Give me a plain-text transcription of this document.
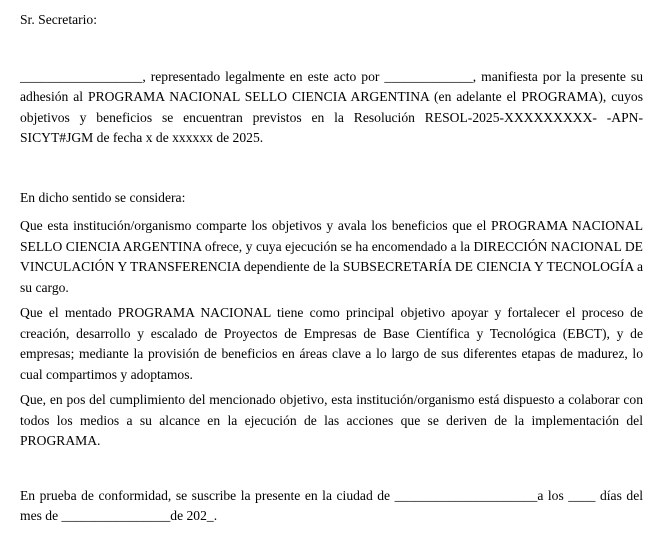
Sr. Secretario:

__________________, representado legalmente en este acto por _____________, manifiesta por la presente su adhesión al PROGRAMA NACIONAL SELLO CIENCIA ARGENTINA (en adelante el PROGRAMA), cuyos objetivos y beneficios se encuentran previstos en la Resolución RESOL-2025-XXXXXXXXX- -APN-SICYT#JGM de fecha x de xxxxxx de 2025.

En dicho sentido se considera:

Que esta institución/organismo comparte los objetivos y avala los beneficios que el PROGRAMA NACIONAL SELLO CIENCIA ARGENTINA ofrece, y cuya ejecución se ha encomendado a la DIRECCIÓN NACIONAL DE VINCULACIÓN Y TRANSFERENCIA dependiente de la SUBSECRETARÍA DE CIENCIA Y TECNOLOGÍA a su cargo.

Que el mentado PROGRAMA NACIONAL tiene como principal objetivo apoyar y fortalecer el proceso de creación, desarrollo y escalado de Proyectos de Empresas de Base Científica y Tecnológica (EBCT), y de empresas; mediante la provisión de beneficios en áreas clave a lo largo de sus diferentes etapas de madurez, lo cual compartimos y adoptamos.

Que, en pos del cumplimiento del mencionado objetivo, esta institución/organismo está dispuesto a colaborar con todos los medios a su alcance en la ejecución de las acciones que se deriven de la implementación del PROGRAMA.

En prueba de conformidad, se suscribe la presente en la ciudad de _____________________a los ____ días del mes de ________________de 202_.
